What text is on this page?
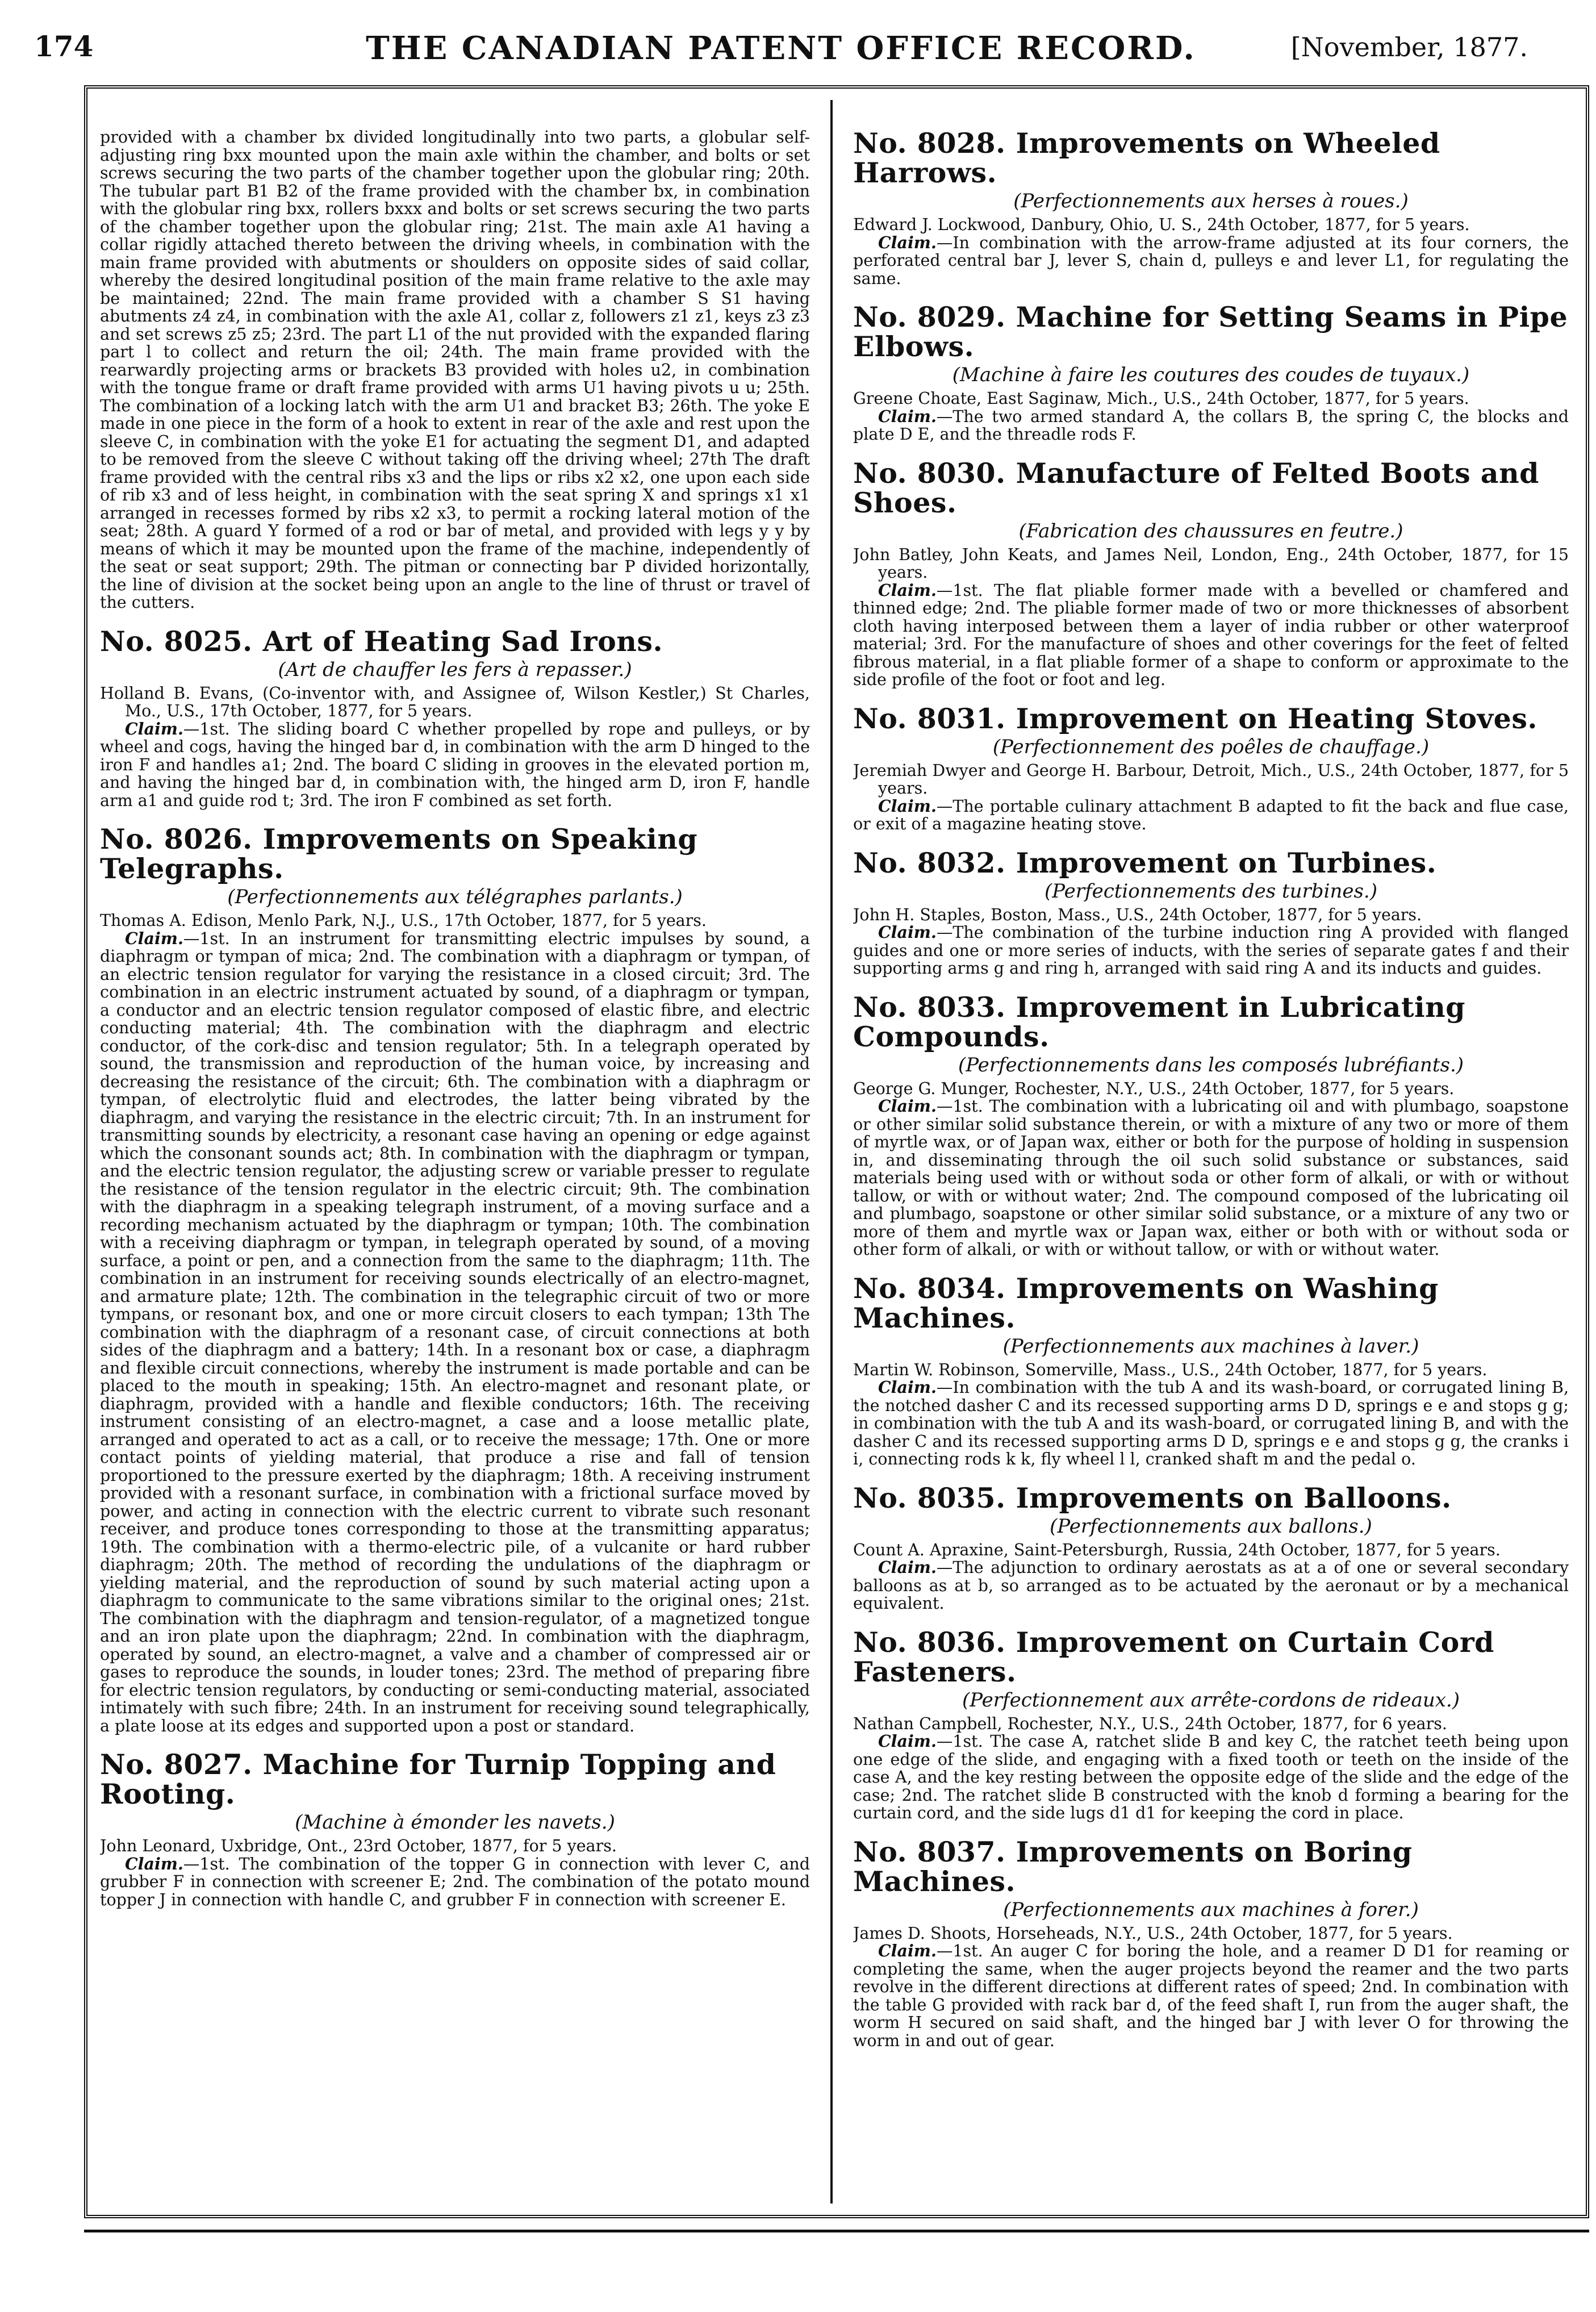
174	THE CANADIAN PATENT OFFICE RECORD.	[November, 1877.

provided with a chamber bx divided longitudinally into two parts, a globular self-adjusting ring bxx mounted upon the main axle within the chamber, and bolts or set screws securing the two parts of the chamber together upon the globular ring; 20th. The tubular part B1 B2 of the frame provided with the chamber bx, in combination with the globular ring bxx, rollers bxxx and bolts or set screws securing the two parts of the chamber together upon the globular ring; 21st. The main axle A1 having a collar rigidly attached thereto between the driving wheels, in combination with the main frame provided with abutments or shoulders on opposite sides of said collar, whereby the desired longitudinal position of the main frame relative to the axle may be maintained; 22nd. The main frame provided with a chamber S S1 having abutments z4 z4, in combination with the axle A1, collar z, followers z1 z1, keys z3 z3 and set screws z5 z5; 23rd. The part L1 of the nut provided with the expanded flaring part l to collect and return the oil; 24th. The main frame provided with the rearwardly projecting arms or brackets B3 provided with holes u2, in combination with the tongue frame or draft frame provided with arms U1 having pivots u u; 25th. The combination of a locking latch with the arm U1 and bracket B3; 26th. The yoke E made in one piece in the form of a hook to extent in rear of the axle and rest upon the sleeve C, in combination with the yoke E1 for actuating the segment D1, and adapted to be removed from the sleeve C without taking off the driving wheel; 27th The draft frame provided with the central ribs x3 and the lips or ribs x2 x2, one upon each side of rib x3 and of less height, in combination with the seat spring X and springs x1 x1 arranged in recesses formed by ribs x2 x3, to permit a rocking lateral motion of the seat; 28th. A guard Y formed of a rod or bar of metal, and provided with legs y y by means of which it may be mounted upon the frame of the machine, independently of the seat or seat support; 29th. The pitman or connecting bar P divided horizontally, the line of division at the socket being upon an angle to the line of thrust or travel of the cutters.

No. 8025. Art of Heating Sad Irons.
(Art de chauffer les fers à repasser.)

Holland B. Evans, (Co-inventor with, and Assignee of, Wilson Kestler,) St Charles, Mo., U.S., 17th October, 1877, for 5 years.

Claim.—1st. The sliding board C whether propelled by rope and pulleys, or by wheel and cogs, having the hinged bar d, in combination with the arm D hinged to the iron F and handles a1; 2nd. The board C sliding in grooves in the elevated portion m, and having the hinged bar d, in combination with, the hinged arm D, iron F, handle arm a1 and guide rod t; 3rd. The iron F combined as set forth.

No. 8026. Improvements on Speaking Telegraphs.
(Perfectionnements aux télégraphes parlants.)

Thomas A. Edison, Menlo Park, N.J., U.S., 17th October, 1877, for 5 years.

Claim.—1st. In an instrument for transmitting electric impulses by sound, a diaphragm or tympan of mica; 2nd. The combination with a diaphragm or tympan, of an electric tension regulator for varying the resistance in a closed circuit; 3rd. The combination in an electric instrument actuated by sound, of a diaphragm or tympan, a conductor and an electric tension regulator composed of elastic fibre, and electric conducting material; 4th. The combination with the diaphragm and electric conductor, of the cork-disc and tension regulator; 5th. In a telegraph operated by sound, the transmission and reproduction of the human voice, by increasing and decreasing the resistance of the circuit; 6th. The combination with a diaphragm or tympan, of electrolytic fluid and electrodes, the latter being vibrated by the diaphragm, and varying the resistance in the electric circuit; 7th. In an instrument for transmitting sounds by electricity, a resonant case having an opening or edge against which the consonant sounds act; 8th. In combination with the diaphragm or tympan, and the electric tension regulator, the adjusting screw or variable presser to regulate the resistance of the tension regulator in the electric circuit; 9th. The combination with the diaphragm in a speaking telegraph instrument, of a moving surface and a recording mechanism actuated by the diaphragm or tympan; 10th. The combination with a receiving diaphragm or tympan, in telegraph operated by sound, of a moving surface, a point or pen, and a connection from the same to the diaphragm; 11th. The combination in an instrument for receiving sounds electrically of an electro-magnet, and armature plate; 12th. The combination in the telegraphic circuit of two or more tympans, or resonant box, and one or more circuit closers to each tympan; 13th The combination with the diaphragm of a resonant case, of circuit connections at both sides of the diaphragm and a battery; 14th. In a resonant box or case, a diaphragm and flexible circuit connections, whereby the instrument is made portable and can be placed to the mouth in speaking; 15th. An electro-magnet and resonant plate, or diaphragm, provided with a handle and flexible conductors; 16th. The receiving instrument consisting of an electro-magnet, a case and a loose metallic plate, arranged and operated to act as a call, or to receive the message; 17th. One or more contact points of yielding material, that produce a rise and fall of tension proportioned to the pressure exerted by the diaphragm; 18th. A receiving instrument provided with a resonant surface, in combination with a frictional surface moved by power, and acting in connection with the electric current to vibrate such resonant receiver, and produce tones corresponding to those at the transmitting apparatus; 19th. The combination with a thermo-electric pile, of a vulcanite or hard rubber diaphragm; 20th. The method of recording the undulations of the diaphragm or yielding material, and the reproduction of sound by such material acting upon a diaphragm to communicate to the same vibrations similar to the original ones; 21st. The combination with the diaphragm and tension-regulator, of a magnetized tongue and an iron plate upon the diaphragm; 22nd. In combination with the diaphragm, operated by sound, an electro-magnet, a valve and a chamber of compressed air or gases to reproduce the sounds, in louder tones; 23rd. The method of preparing fibre for electric tension regulators, by conducting or semi-conducting material, associated intimately with such fibre; 24th. In an instrument for receiving sound telegraphically, a plate loose at its edges and supported upon a post or standard.

No. 8027. Machine for Turnip Topping and Rooting.
(Machine à émonder les navets.)

John Leonard, Uxbridge, Ont., 23rd October, 1877, for 5 years.

Claim.—1st. The combination of the topper G in connection with lever C, and grubber F in connection with screener E; 2nd. The combination of the potato mound topper J in connection with handle C, and grubber F in connection with screener E.

No. 8028. Improvements on Wheeled Harrows.
(Perfectionnements aux herses à roues.)

Edward J. Lockwood, Danbury, Ohio, U. S., 24th October, 1877, for 5 years.

Claim.—In combination with the arrow-frame adjusted at its four corners, the perforated central bar J, lever S, chain d, pulleys e and lever L1, for regulating the same.

No. 8029. Machine for Setting Seams in Pipe Elbows.
(Machine à faire les coutures des coudes de tuyaux.)

Greene Choate, East Saginaw, Mich., U.S., 24th October, 1877, for 5 years.

Claim.—The two armed standard A, the collars B, the spring C, the blocks and plate D E, and the threadle rods F.

No. 8030. Manufacture of Felted Boots and Shoes.
(Fabrication des chaussures en feutre.)

John Batley, John Keats, and James Neil, London, Eng., 24th October, 1877, for 15 years.

Claim.—1st. The flat pliable former made with a bevelled or chamfered and thinned edge; 2nd. The pliable former made of two or more thicknesses of absorbent cloth having interposed between them a layer of india rubber or other waterproof material; 3rd. For the manufacture of shoes and other coverings for the feet of felted fibrous material, in a flat pliable former of a shape to conform or approximate to the side profile of the foot or foot and leg.

No. 8031. Improvement on Heating Stoves.
(Perfectionnement des poêles de chauffage.)

Jeremiah Dwyer and George H. Barbour, Detroit, Mich., U.S., 24th October, 1877, for 5 years.

Claim.—The portable culinary attachment B adapted to fit the back and flue case, or exit of a magazine heating stove.

No. 8032. Improvement on Turbines.
(Perfectionnements des turbines.)

John H. Staples, Boston, Mass., U.S., 24th October, 1877, for 5 years.

Claim.—The combination of the turbine induction ring A provided with flanged guides and one or more series of inducts, with the series of separate gates f and their supporting arms g and ring h, arranged with said ring A and its inducts and guides.

No. 8033. Improvement in Lubricating Compounds.
(Perfectionnements dans les composés lubréfiants.)

George G. Munger, Rochester, N.Y., U.S., 24th October, 1877, for 5 years.

Claim.—1st. The combination with a lubricating oil and with plumbago, soapstone or other similar solid substance therein, or with a mixture of any two or more of them of myrtle wax, or of Japan wax, either or both for the purpose of holding in suspension in, and disseminating through the oil such solid substance or substances, said materials being used with or without soda or other form of alkali, or with or without tallow, or with or without water; 2nd. The compound composed of the lubricating oil and plumbago, soapstone or other similar solid substance, or a mixture of any two or more of them and myrtle wax or Japan wax, either or both with or without soda or other form of alkali, or with or without tallow, or with or without water.

No. 8034. Improvements on Washing Machines.
(Perfectionnements aux machines à laver.)

Martin W. Robinson, Somerville, Mass., U.S., 24th October, 1877, for 5 years.

Claim.—In combination with the tub A and its wash-board, or corrugated lining B, the notched dasher C and its recessed supporting arms D D, springs e e and stops g g; in combination with the tub A and its wash-board, or corrugated lining B, and with the dasher C and its recessed supporting arms D D, springs e e and stops g g, the cranks i i, connecting rods k k, fly wheel l l, cranked shaft m and the pedal o.

No. 8035. Improvements on Balloons.
(Perfectionnements aux ballons.)

Count A. Apraxine, Saint-Petersburgh, Russia, 24th October, 1877, for 5 years.

Claim.—The adjunction to ordinary aerostats as at a of one or several secondary balloons as at b, so arranged as to be actuated by the aeronaut or by a mechanical equivalent.

No. 8036. Improvement on Curtain Cord Fasteners.
(Perfectionnement aux arrête-cordons de rideaux.)

Nathan Campbell, Rochester, N.Y., U.S., 24th October, 1877, for 6 years.

Claim.—1st. The case A, ratchet slide B and key C, the ratchet teeth being upon one edge of the slide, and engaging with a fixed tooth or teeth on the inside of the case A, and the key resting between the opposite edge of the slide and the edge of the case; 2nd. The ratchet slide B constructed with the knob d forming a bearing for the curtain cord, and the side lugs d1 d1 for keeping the cord in place.

No. 8037. Improvements on Boring Machines.
(Perfectionnements aux machines à forer.)

James D. Shoots, Horseheads, N.Y., U.S., 24th October, 1877, for 5 years.

Claim.—1st. An auger C for boring the hole, and a reamer D D1 for reaming or completing the same, when the auger projects beyond the reamer and the two parts revolve in the different directions at different rates of speed; 2nd. In combination with the table G provided with rack bar d, of the feed shaft I, run from the auger shaft, the worm H secured on said shaft, and the hinged bar J with lever O for throwing the worm in and out of gear.
